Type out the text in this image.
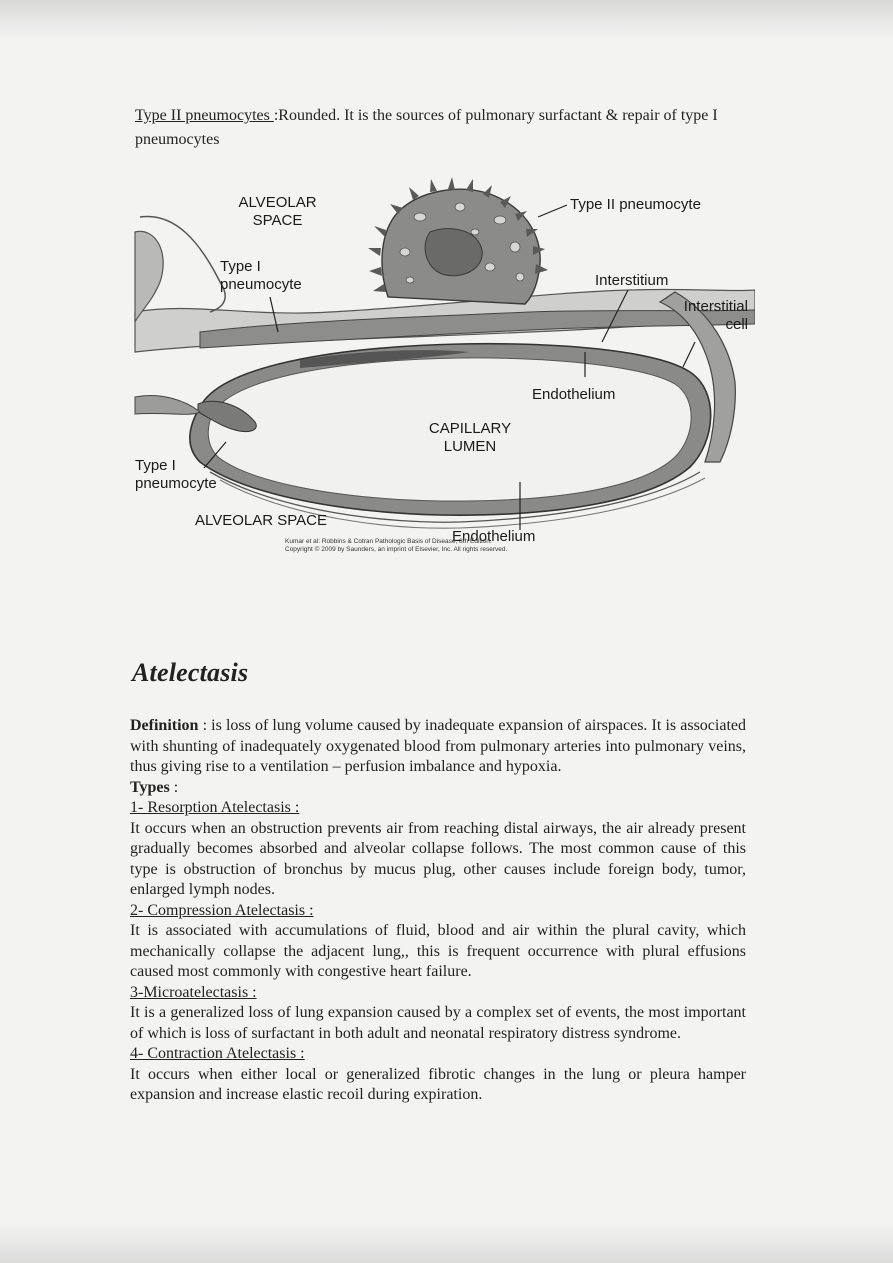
Type II pneumocytes :Rounded. It is the sources of pulmonary surfactant & repair of type I pneumocytes
ALVEOLAR
SPACE
Type II pneumocyte
Type I
pneumocyte	Interstitium
Interstitial
cell
Endothelium
CAPILLARY
LUMEN
Type I
pneumocyte
ALVEOLAR SPACE
Endothelium
Kumar et al: Robbins & Cotran Pathologic Basis of Disease, 8th Edition.
Copyright © 2009 by Saunders, an imprint of Elsevier, Inc. All rights reserved.
Atelectasis

Definition : is loss of lung volume caused by inadequate expansion of airspaces. It is associated with shunting of inadequately oxygenated blood from pulmonary arteries into pulmonary veins, thus giving rise to a ventilation – perfusion imbalance and hypoxia.

Types :

1- Resorption Atelectasis :

It occurs when an obstruction prevents air from reaching distal airways, the air already present gradually becomes absorbed and alveolar collapse follows. The most common cause of this type is obstruction of bronchus by mucus plug, other causes include foreign body, tumor, enlarged lymph nodes.

2- Compression Atelectasis :

It is associated with accumulations of fluid, blood and air within the plural cavity, which mechanically collapse the adjacent lung,, this is frequent occurrence with plural effusions caused most commonly with congestive heart failure.

3-Microatelectasis :

It is a generalized loss of lung expansion caused by a complex set of events, the most important of which is loss of surfactant in both adult and neonatal respiratory distress syndrome.

4- Contraction Atelectasis :

It occurs when either local or generalized fibrotic changes in the lung or pleura hamper expansion and increase elastic recoil during expiration.
